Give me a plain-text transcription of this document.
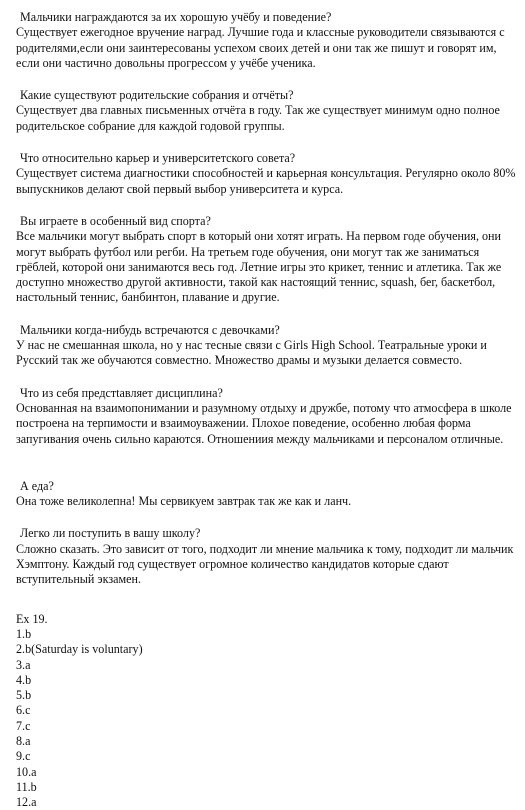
Мальчики награждаются за их хорошую учёбу и поведение?
Существует ежегодное вручение наград. Лучшие года и классные руководители связываются с родителями,если они заинтересованы успехом своих детей и они так же пишут и говорят им, если они частично довольны прогрессом у учёбе ученика.
Какие существуют родительские собрания и отчёты?
Существует два главных письменных отчёта в году. Так же существует минимум одно полное родительское собрание для каждой годовой группы.
Что относительно карьер и университетского совета?
Существует система диагностики способностей и карьерная консультация. Регулярно около 80% выпускников делают свой первый выбор университета и курса.
Вы играете в особенный вид спорта?
Все мальчики могут выбрать спорт в который они хотят играть. На первом годе обучения, они могут выбрать футбол или регби. На третьем годе обучения, они могут так же заниматься грёблей, которой они занимаются весь год. Летние игры это крикет, теннис и атлетика. Так же доступно множество другой активности, такой как настоящий теннис, squash, бег, баскетбол, настольный теннис, банбинтон, плавание и другие.
Мальчики когда-нибудь встречаются с девочками?
У нас не смешанная школа, но у нас тесные связи с Girls High School. Театральные уроки и Русский так же обучаются совместно. Множество драмы и музыки делается совместо.
Что из себя предстtавляет дисциплина?
Основанная на взаимопонимании и разумному отдыху и дружбе, потому что атмосфера в школе построена на терпимости и взаимоуважении. Плохое поведение, особенно любая форма запугивания очень сильно караются. Отношениия между мальчиками и персоналом отличные.
А еда?
Она тоже великолепна! Мы сервикуем завтрак так же как и ланч.
Легко ли поступить в вашу школу?
Сложно сказать. Это зависит от того, подходит ли мнение мальчика к тому, подходит ли мальчик Хэмптону. Каждый год существует огромное количество кандидатов которые сдают вступительный экзамен.
Ex 19.
1.b
2.b(Saturday is voluntary)
3.a
4.b
5.b
6.c
7.c
8.a
9.c
10.a
11.b
12.a
